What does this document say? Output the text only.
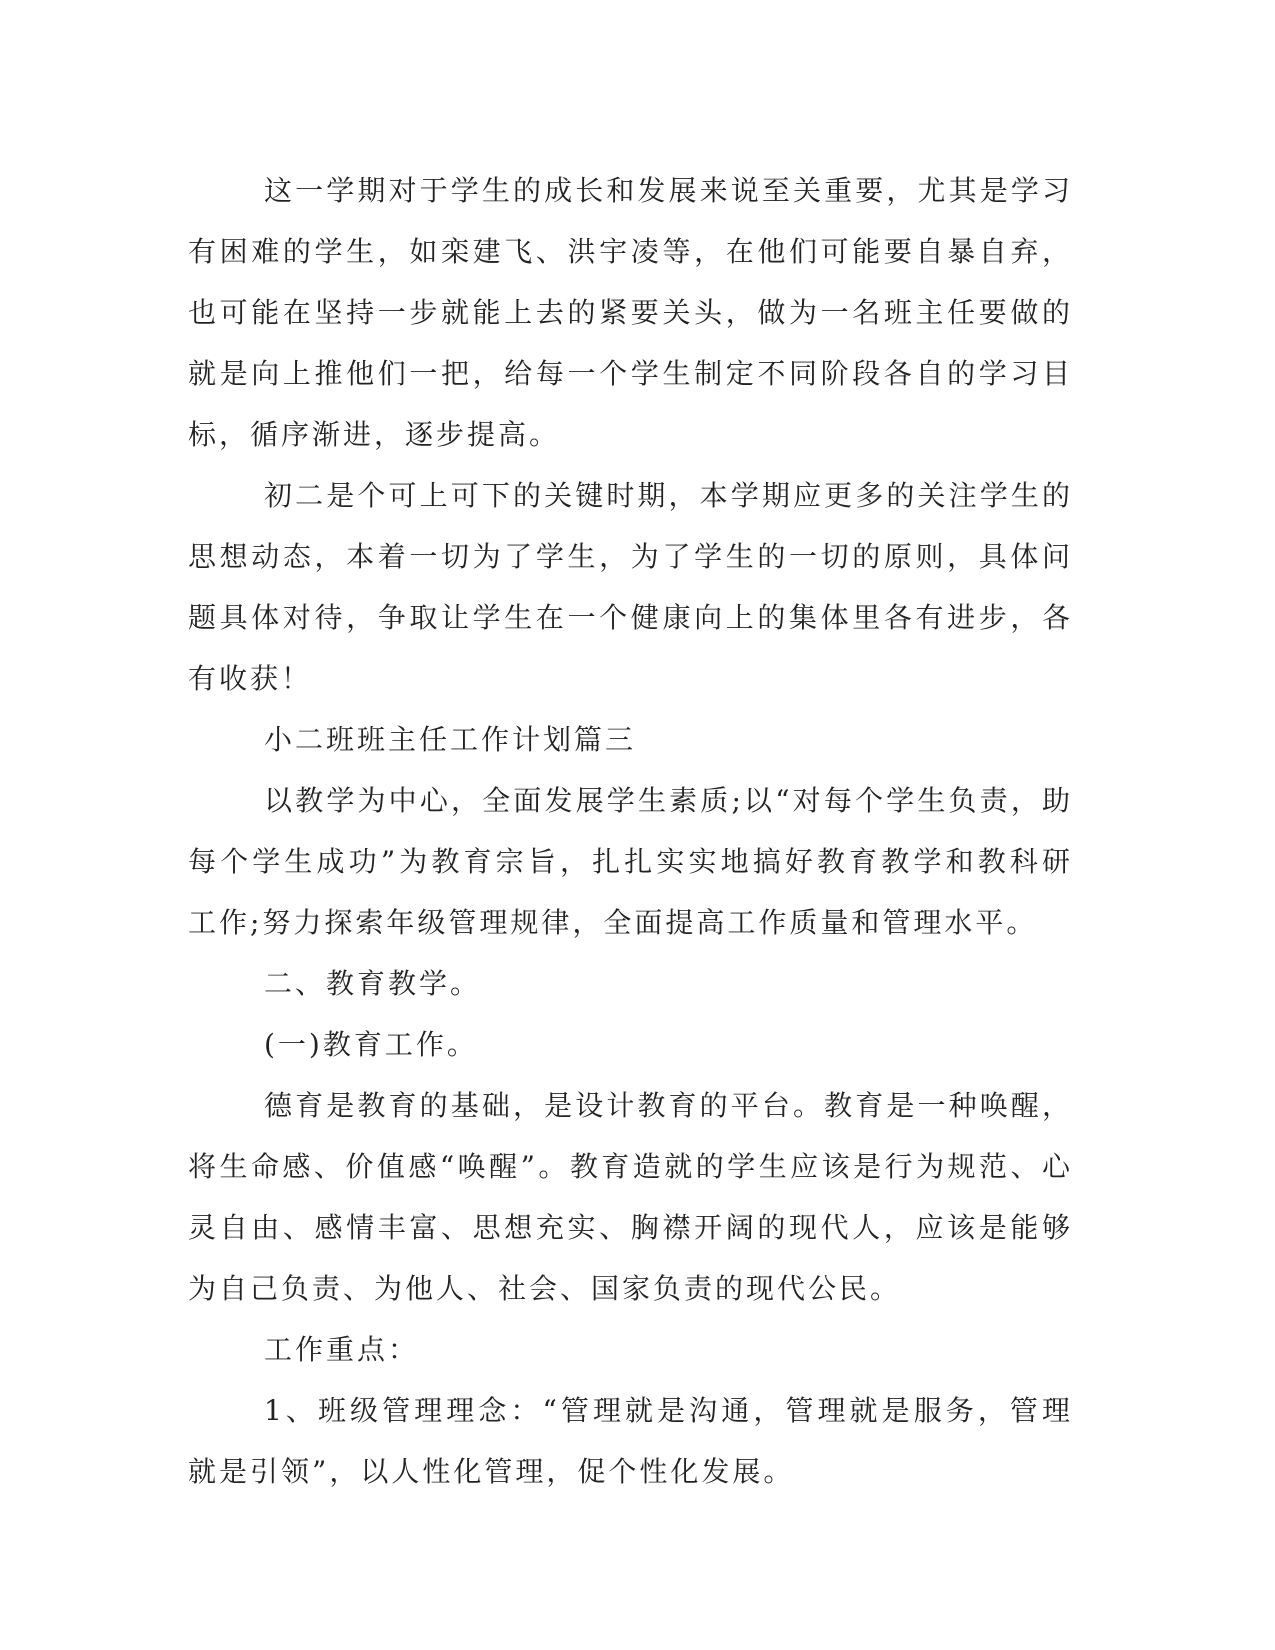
这一学期对于学生的成长和发展来说至关重要，尤其是学习有困难的学生，如栾建飞、洪宇凌等，在他们可能要自暴自弃，也可能在坚持一步就能上去的紧要关头，做为一名班主任要做的就是向上推他们一把，给每一个学生制定不同阶段各自的学习目标，循序渐进，逐步提高。

初二是个可上可下的关键时期，本学期应更多的关注学生的思想动态，本着一切为了学生，为了学生的一切的原则，具体问题具体对待，争取让学生在一个健康向上的集体里各有进步，各有收获！

小二班班主任工作计划篇三

以教学为中心，全面发展学生素质;以“对每个学生负责，助每个学生成功”为教育宗旨，扎扎实实地搞好教育教学和教科研工作;努力探索年级管理规律，全面提高工作质量和管理水平。

二、教育教学。

(一)教育工作。

德育是教育的基础，是设计教育的平台。教育是一种唤醒，将生命感、价值感“唤醒”。教育造就的学生应该是行为规范、心灵自由、感情丰富、思想充实、胸襟开阔的现代人，应该是能够为自己负责、为他人、社会、国家负责的现代公民。

工作重点：

1、班级管理理念：“管理就是沟通，管理就是服务，管理就是引领”，以人性化管理，促个性化发展。
